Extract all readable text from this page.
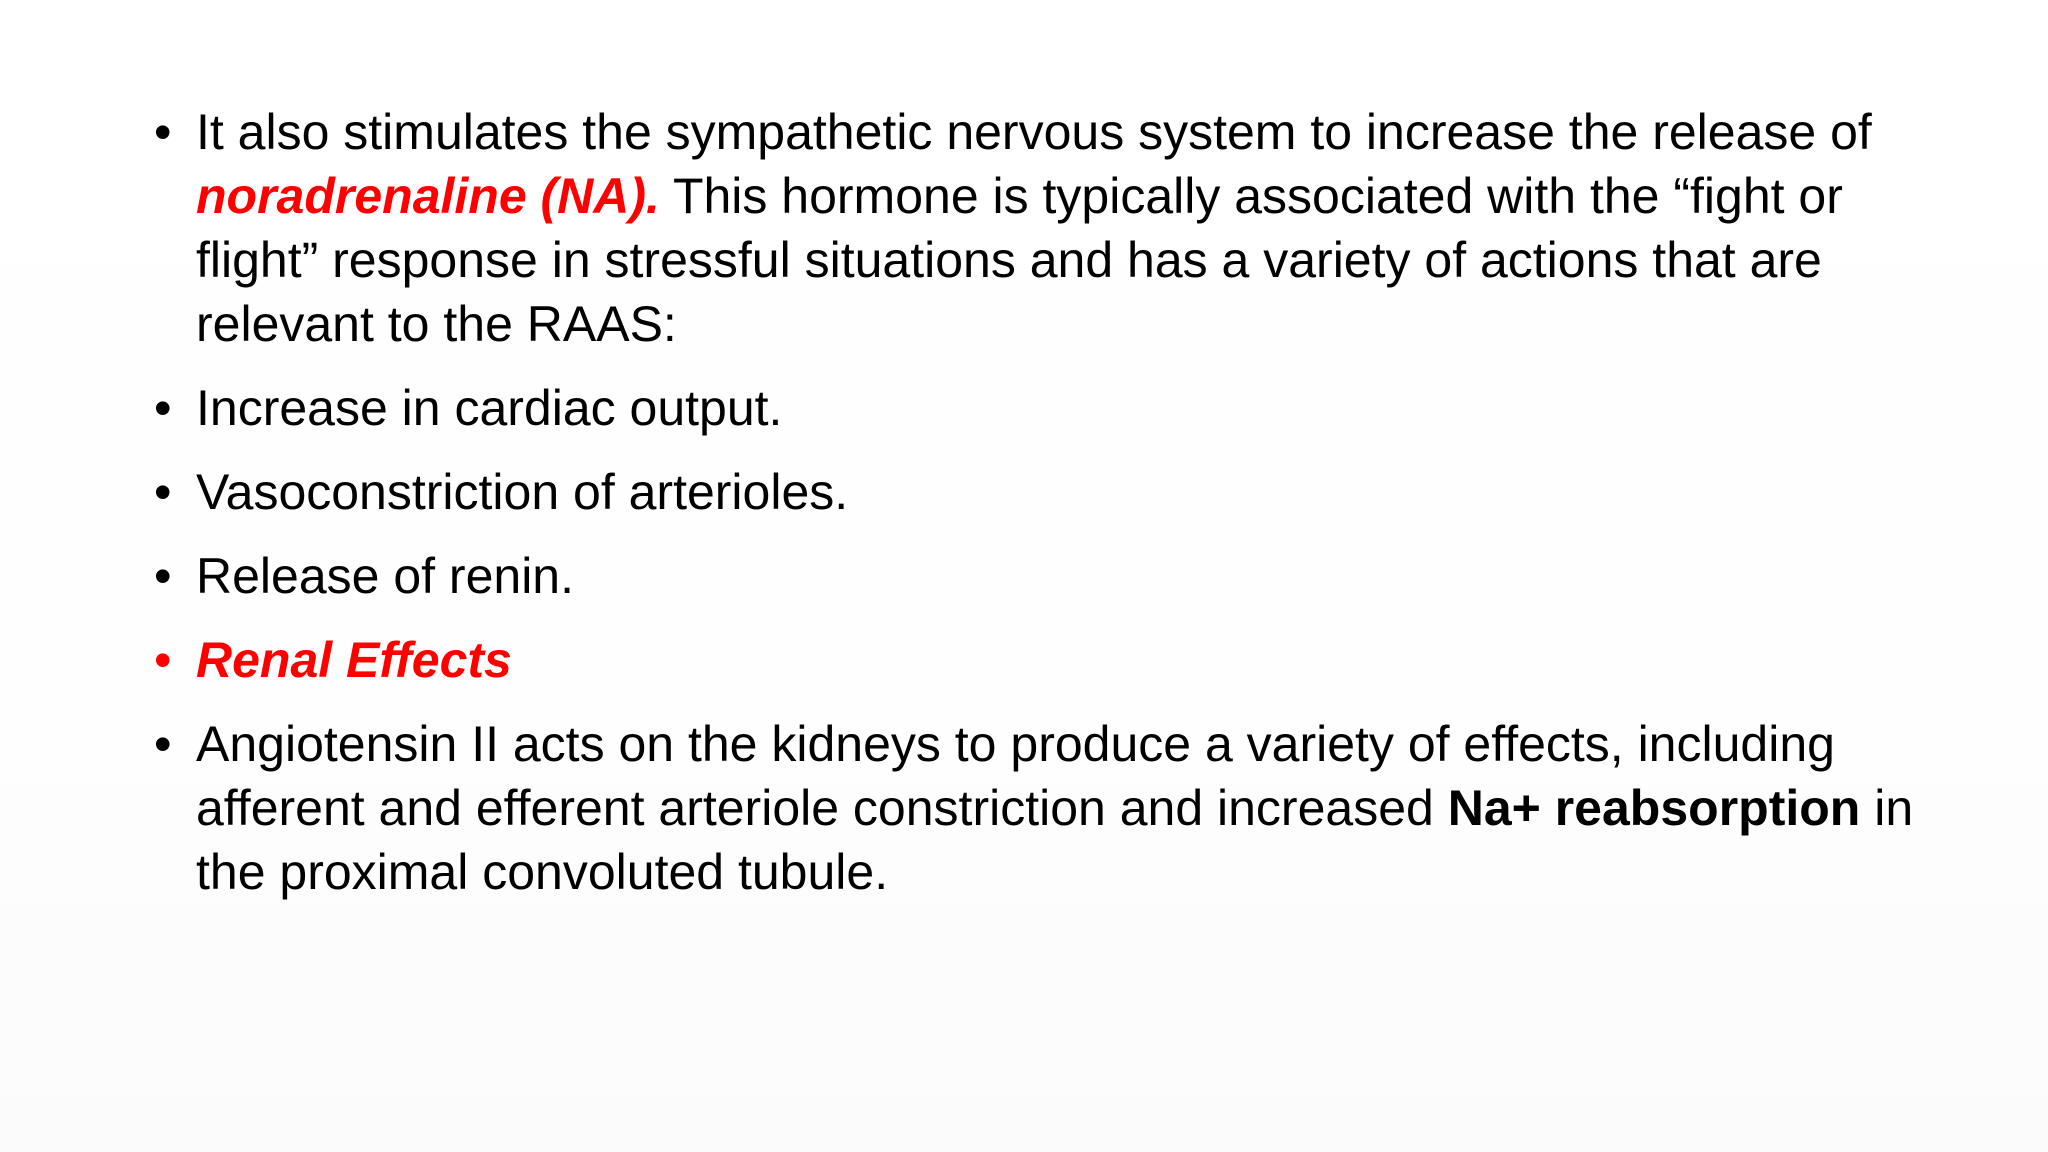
• It also stimulates the sympathetic nervous system to increase the release of noradrenaline (NA). This hormone is typically associated with the “fight or flight” response in stressful situations and has a variety of actions that are relevant to the RAAS:
• Increase in cardiac output.
• Vasoconstriction of arterioles.
• Release of renin.
• Renal Effects
• Angiotensin II acts on the kidneys to produce a variety of effects, including afferent and efferent arteriole constriction and increased Na+ reabsorption in the proximal convoluted tubule.
